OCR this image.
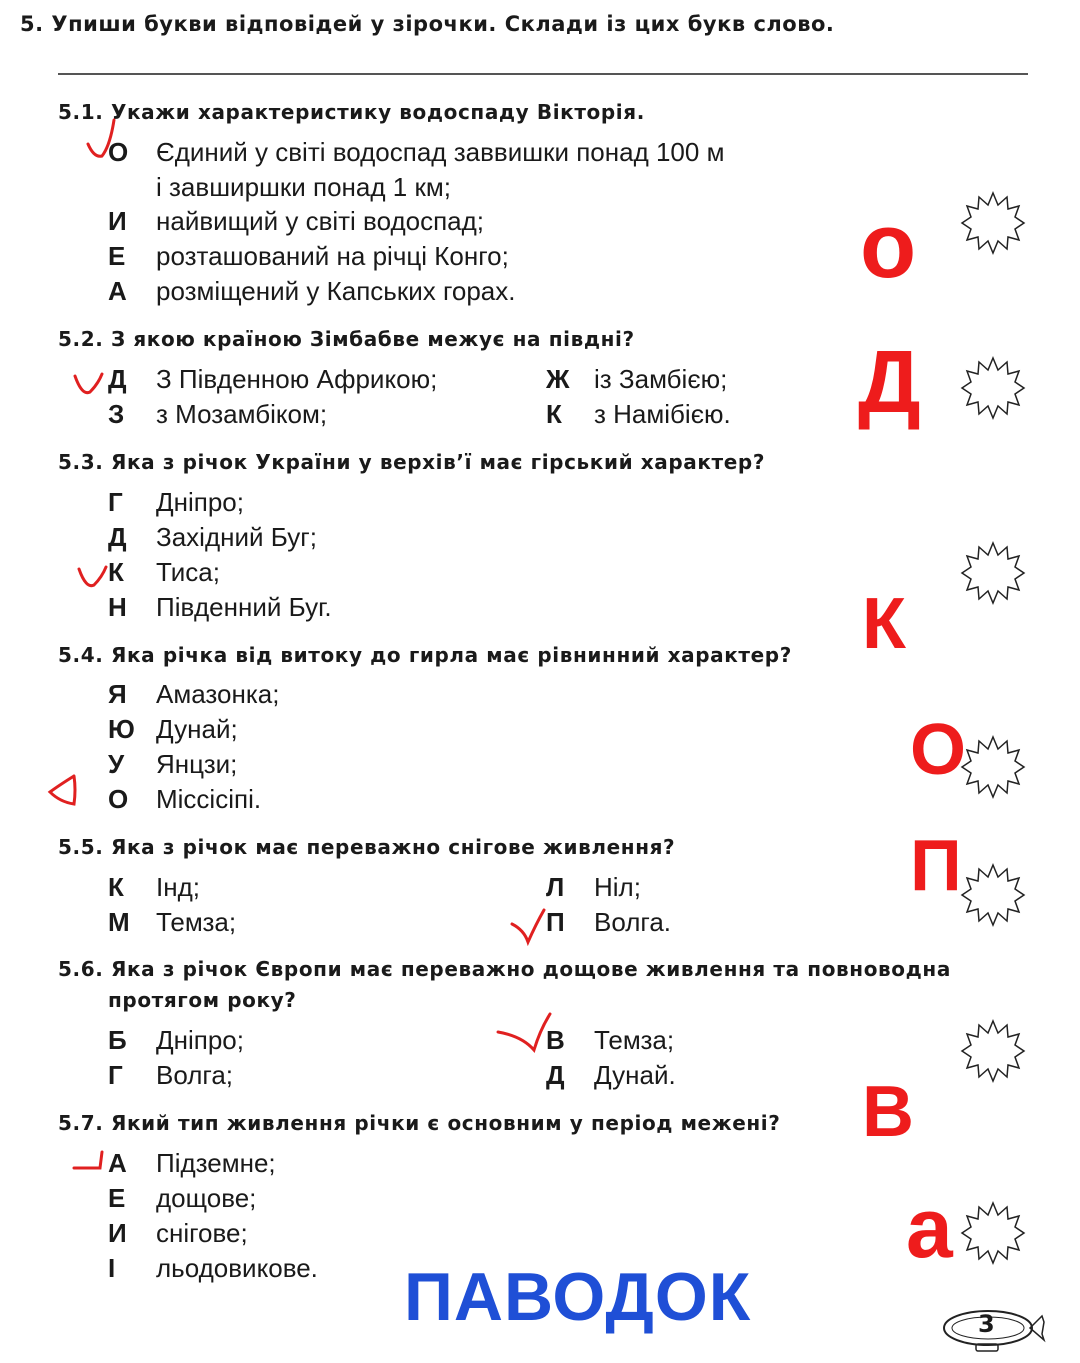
5. Упиши букви відповідей у зірочки. Склади із цих букв слово.
5.1. Укажи характеристику водоспаду Вікторія.
О Єдиний у світі водоспад заввишки понад 100 м
і завширшки понад 1 км;
И найвищий у світі водоспад;
Е розташований на річці Конго;
А розміщений у Капських горах.
5.2. З якою країною Зімбабве межує на півдні?
Д З Південною Африкою;
З з Мозамбіком;
Ж із Замбією;
К з Намібією.
5.3. Яка з річок України у верхів’ї має гірський характер?
Г Дніпро;
Д Західний Буг;
К Тиса;
Н Південний Буг.
5.4. Яка річка від витоку до гирла має рівнинний характер?
Я Амазонка;
Ю Дунай;
У Янцзи;
О Міссісіпі.
5.5. Яка з річок має переважно снігове живлення?
К Інд;
М Темза;
Л Ніл;
П Волга.
5.6. Яка з річок Європи має переважно дощове живлення та повноводна
протягом року?
Б Дніпро;
Г Волга;
В Темза;
Д Дунай.
5.7. Який тип живлення річки є основним у період межені?
А Підземне;
Е дощове;
И снігове;
І льодовикове.
о
Д
К
О
П
В
а
ПАВОДОК	3
